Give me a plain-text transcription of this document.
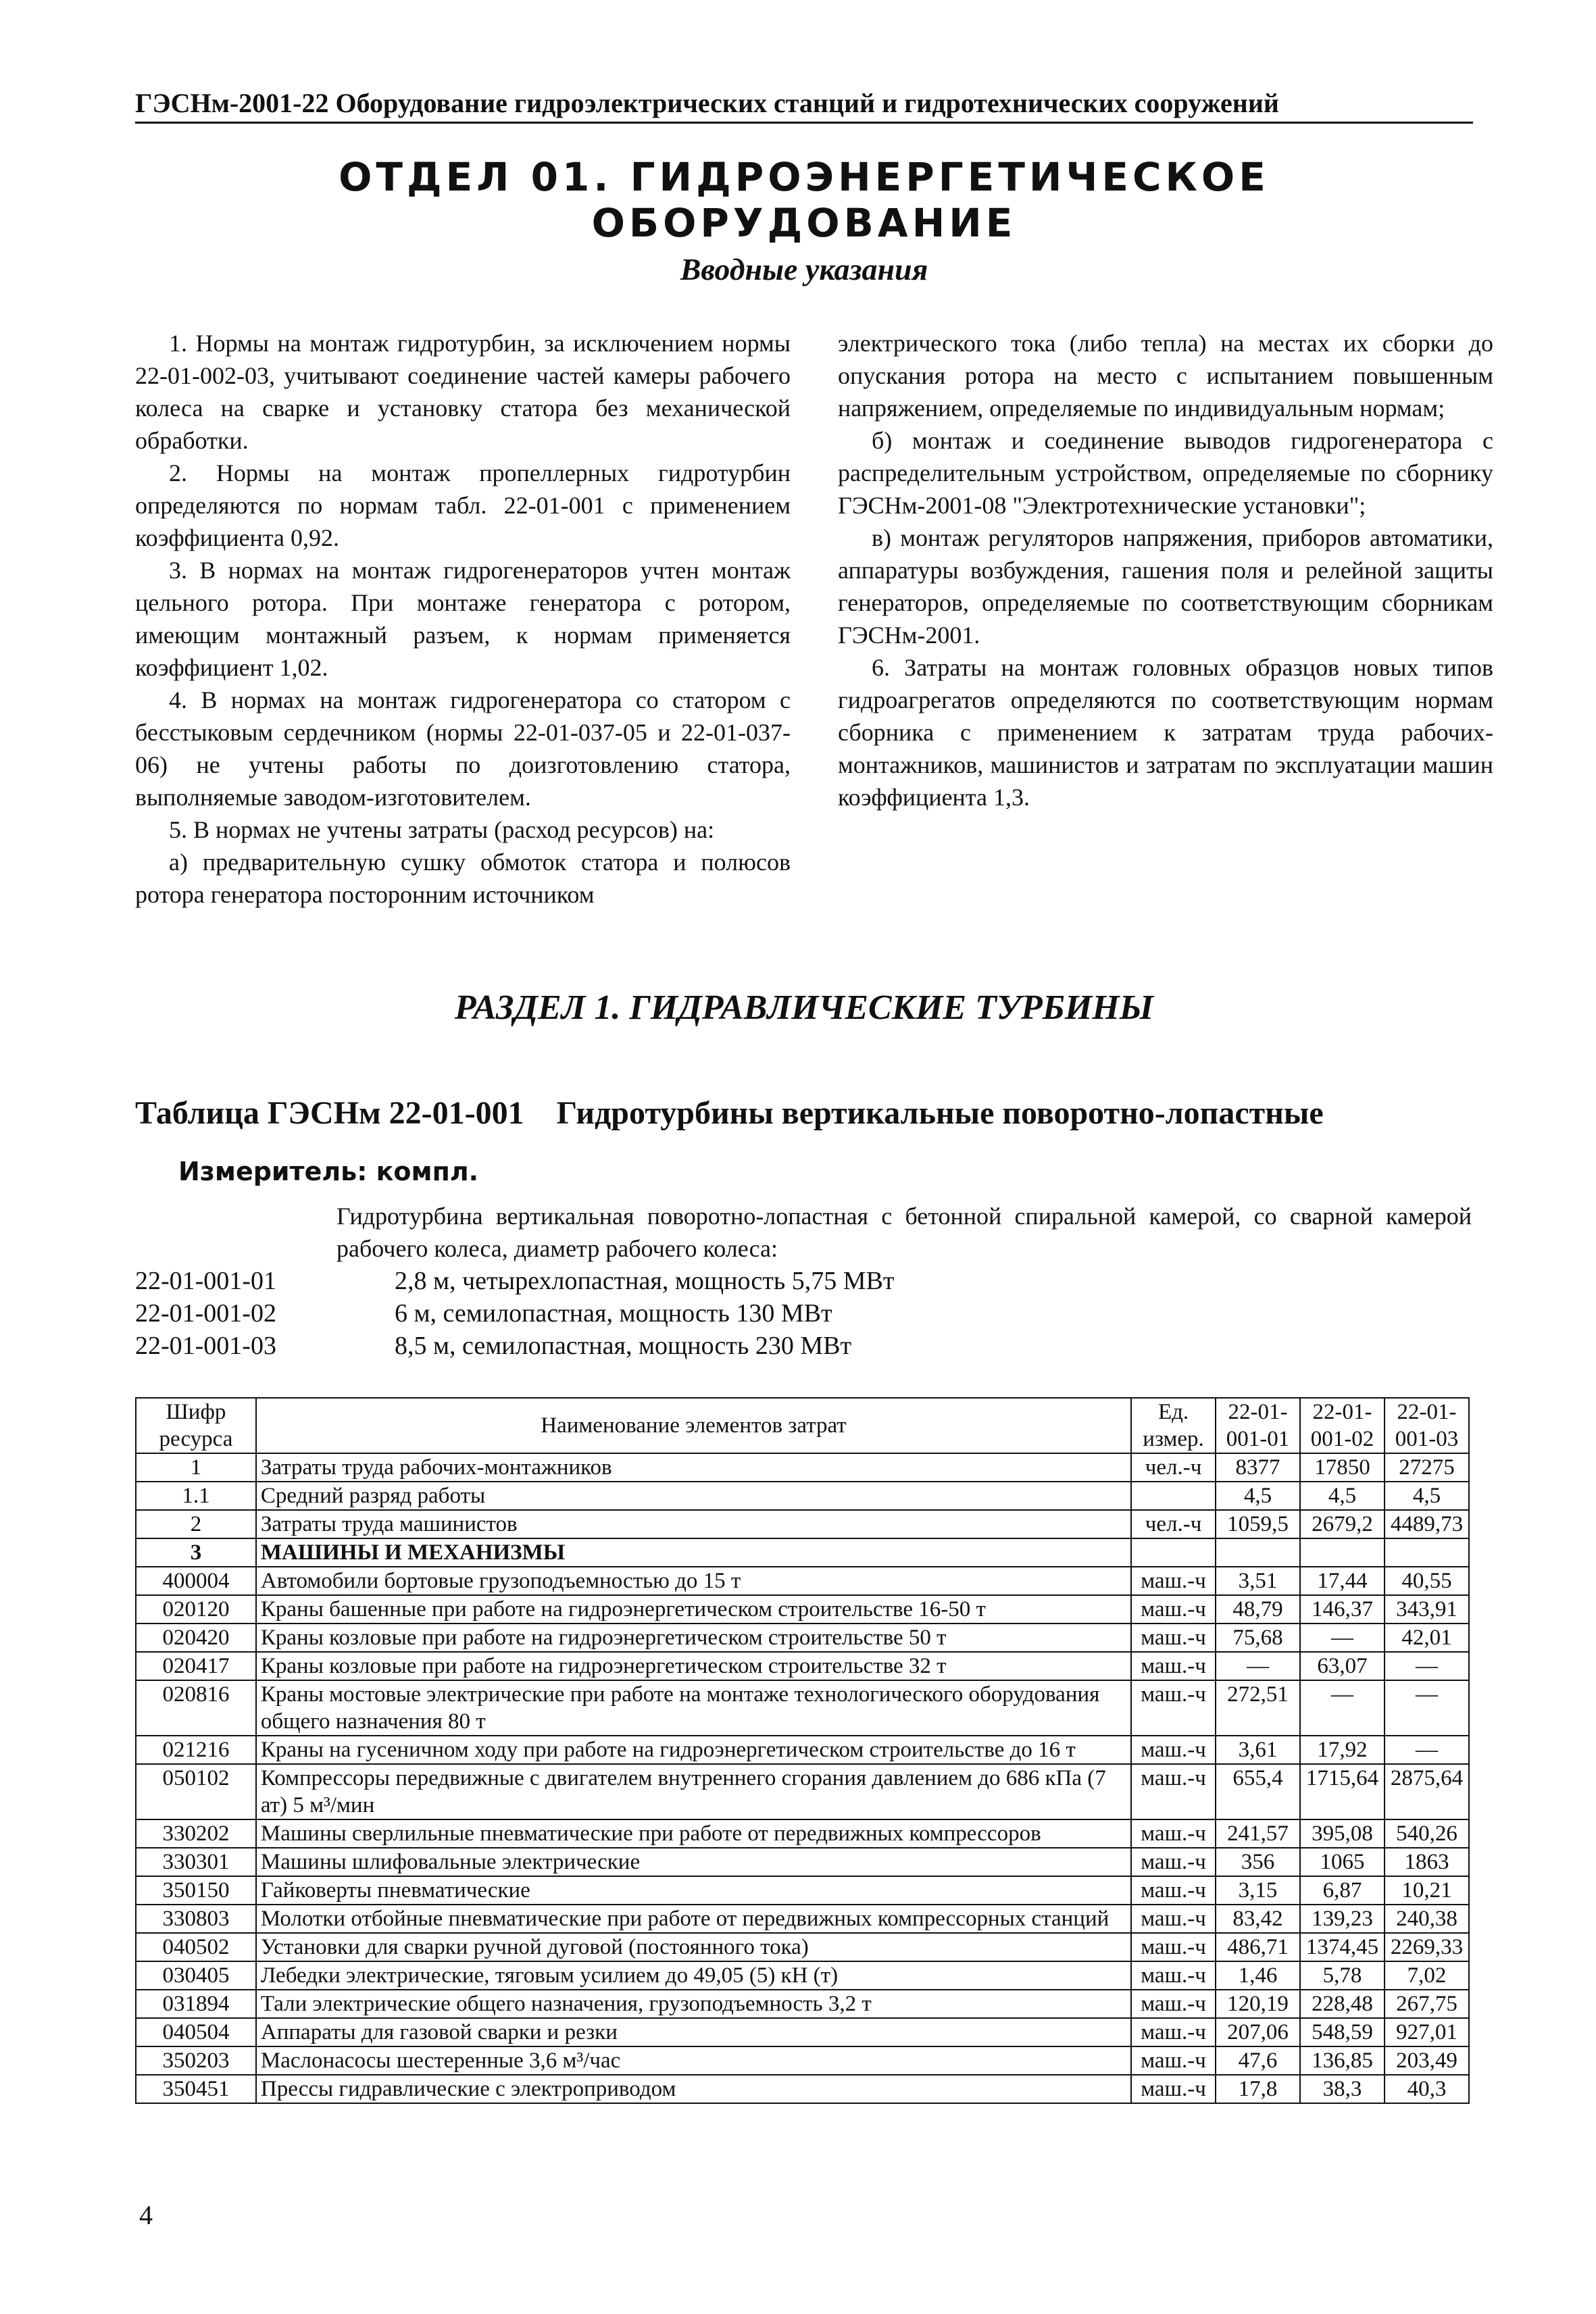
ГЭСНм-2001-22 Оборудование гидроэлектрических станций и гидротехнических сооружений
ОТДЕЛ 01. ГИДРОЭНЕРГЕТИЧЕСКОЕ ОБОРУДОВАНИЕ
Вводные указания

1. Нормы на монтаж гидротурбин, за исключением нормы 22-01-002-03, учитывают соединение частей камеры рабочего колеса на сварке и установку статора без механической обработки.

2. Нормы на монтаж пропеллерных гидротурбин определяются по нормам табл. 22-01-001 с применением коэффициента 0,92.

3. В нормах на монтаж гидрогенераторов учтен монтаж цельного ротора. При монтаже генератора с ротором, имеющим монтажный разъем, к нормам применяется коэффициент 1,02.

4. В нормах на монтаж гидрогенератора со статором с бесстыковым сердечником (нормы 22-01-037-05 и 22-01-037-06) не учтены работы по доизготовлению статора, выполняемые заводом-изготовителем.

5. В нормах не учтены затраты (расход ресурсов) на:

а) предварительную сушку обмоток статора и полюсов ротора генератора посторонним источником

электрического тока (либо тепла) на местах их сборки до опускания ротора на место с испытанием повышенным напряжением, определяемые по индивидуальным нормам;

б) монтаж и соединение выводов гидрогенератора с распределительным устройством, определяемые по сборнику ГЭСНм-2001-08 "Электротехнические установки";

в) монтаж регуляторов напряжения, приборов автоматики, аппаратуры возбуждения, гашения поля и релейной защиты генераторов, определяемые по соответствующим сборникам ГЭСНм-2001.

6. Затраты на монтаж головных образцов новых типов гидроагрегатов определяются по соответствующим нормам сборника с применением к затратам труда рабочих-монтажников, машинистов и затратам по эксплуатации машин коэффициента 1,3.

РАЗДЕЛ 1. ГИДРАВЛИЧЕСКИЕ ТУРБИНЫ
Таблица ГЭСНм 22-01-001 Гидротурбины вертикальные поворотно-лопастные
Измеритель: компл.
Гидротурбина вертикальная поворотно-лопастная с бетонной спиральной камерой, со сварной камерой рабочего колеса, диаметр рабочего колеса:
22-01-001-01	2,8 м, четырехлопастная, мощность 5,75 МВт
22-01-001-02	6 м, семилопастная, мощность 130 МВт
22-01-001-03	8,5 м, семилопастная, мощность 230 МВт
Шифр ресурса	Наименование элементов затрат	Ед. измер.	22-01-001-01	22-01-001-02	22-01-001-03
1	Затраты труда рабочих-монтажников	чел.-ч	8377	17850	27275
1.1	Средний разряд работы		4,5	4,5	4,5
2	Затраты труда машинистов	чел.-ч	1059,5	2679,2	4489,73
3	МАШИНЫ И МЕХАНИЗМЫ				
400004	Автомобили бортовые грузоподъемностью до 15 т	маш.-ч	3,51	17,44	40,55
020120	Краны башенные при работе на гидроэнергетическом строительстве 16-50 т	маш.-ч	48,79	146,37	343,91
020420	Краны козловые при работе на гидроэнергетическом строительстве 50 т	маш.-ч	75,68	—	42,01
020417	Краны козловые при работе на гидроэнергетическом строительстве 32 т	маш.-ч	—	63,07	—
020816	Краны мостовые электрические при работе на монтаже технологического оборудования общего назначения 80 т	маш.-ч	272,51	—	—
021216	Краны на гусеничном ходу при работе на гидроэнергетическом строительстве до 16 т	маш.-ч	3,61	17,92	—
050102	Компрессоры передвижные с двигателем внутреннего сгорания давлением до 686 кПа (7 ат) 5 м³/мин	маш.-ч	655,4	1715,64	2875,64
330202	Машины сверлильные пневматические при работе от передвижных компрессоров	маш.-ч	241,57	395,08	540,26
330301	Машины шлифовальные электрические	маш.-ч	356	1065	1863
350150	Гайковерты пневматические	маш.-ч	3,15	6,87	10,21
330803	Молотки отбойные пневматические при работе от передвижных компрессорных станций	маш.-ч	83,42	139,23	240,38
040502	Установки для сварки ручной дуговой (постоянного тока)	маш.-ч	486,71	1374,45	2269,33
030405	Лебедки электрические, тяговым усилием до 49,05 (5) кН (т)	маш.-ч	1,46	5,78	7,02
031894	Тали электрические общего назначения, грузоподъемность 3,2 т	маш.-ч	120,19	228,48	267,75
040504	Аппараты для газовой сварки и резки	маш.-ч	207,06	548,59	927,01
350203	Маслонасосы шестеренные 3,6 м³/час	маш.-ч	47,6	136,85	203,49
350451	Прессы гидравлические с электроприводом	маш.-ч	17,8	38,3	40,3
4
